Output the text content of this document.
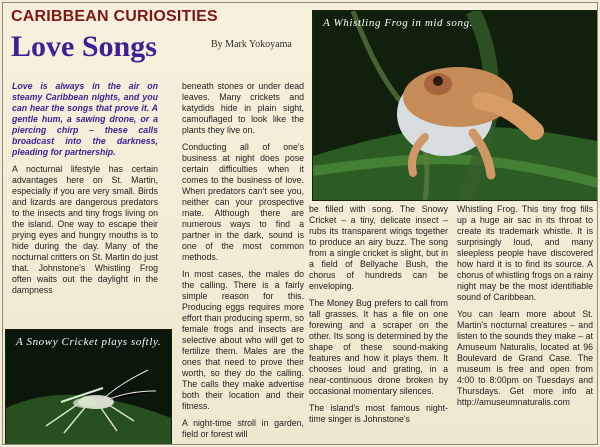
CARIBBEAN CURIOSITIES
Love Songs	By Mark Yokoyama
A Whistling Frog in mid song.
A Snowy Cricket plays softly.

Love is always in the air on steamy Caribbean nights, and you can hear the songs that prove it. A gentle hum, a sawing drone, or a piercing chirp – these calls broadcast into the darkness, pleading for partnership.

A nocturnal lifestyle has certain advantages here on St. Martin, especially if you are very small. Birds and lizards are dangerous predators to the insects and tiny frogs living on the island. One way to escape their prying eyes and hungry mouths is to hide during the day. Many of the nocturnal critters on St. Martin do just that. Johnstone's Whistling Frog often waits out the daylight in the dampness

beneath stones or under dead leaves. Many crickets and katydids hide in plain sight, camouflaged to look like the plants they live on.

Conducting all of one's business at night does pose certain difficulties when it comes to the business of love. When predators can't see you, neither can your prospective mate. Although there are numerous ways to find a partner in the dark, sound is one of the most common methods.

In most cases, the males do the calling. There is a fairly simple reason for this. Producing eggs requires more effort than producing sperm, so female frogs and insects are selective about who will get to fertilize them. Males are the ones that need to prove their worth, so they do the calling. The calls they make advertise both their location and their fitness.

A night-time stroll in garden, field or forest will

be filled with song. The Snowy Cricket – a tiny, delicate insect – rubs its transparent wings together to produce an airy buzz. The song from a single cricket is slight, but in a field of Bellyache Bush, the chorus of hundreds can be enveloping.

The Money Bug prefers to call from tall grasses. It has a file on one forewing and a scraper on the other. Its song is determined by the shape of these sound-making features and how it plays them. It chooses loud and grating, in a near-continuous drone broken by occasional momentary silences.

The island's most famous night-time singer is Johnstone's

Whistling Frog. This tiny frog fills up a huge air sac in its throat to create its trademark whistle. It is surprisingly loud, and many sleepless people have discovered how hard it is to find its source. A chorus of whistling frogs on a rainy night may be the most identifiable sound of Caribbean.

You can learn more about St. Martin's nocturnal creatures – and listen to the sounds they make – at Amuseum Naturalis, located at 96 Boulevard de Grand Case. The museum is free and open from 4:00 to 8:00pm on Tuesdays and Thursdays. Get more info at http://amuseumnaturalis.com
